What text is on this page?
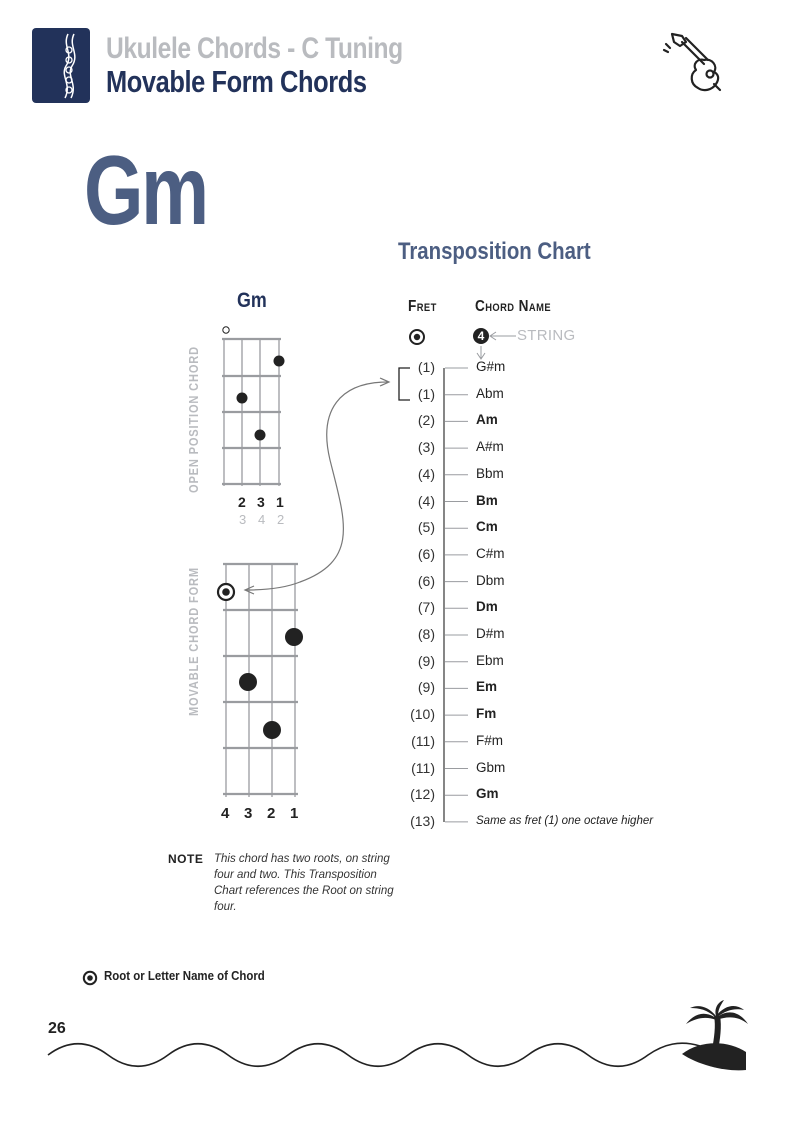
Ukulele Chords - C Tuning
Movable Form Chords
Gm
Transposition Chart
Gm
OPEN POSITION CHORD
MOVABLE CHORD FORM
2 3 1
3 4 2
4 3 2 1
Fret Chord Name
4 STRING
(1)	G#m
(1)	Abm
(2)	Am
(3)	A#m
(4)	Bbm
(4)	Bm
(5)	Cm
(6)	C#m
(6)	Dbm
(7)	Dm
(8)	D#m
(9)	Ebm
(9)	Em
(10)	Fm
(11)	F#m
(11)	Gbm
(12)	Gm
(13)	Same as fret (1) one octave higher
NOTE This chord has two roots, on string four and two. This Transposition Chart references the Root on string four.
Root or Letter Name of Chord
26
